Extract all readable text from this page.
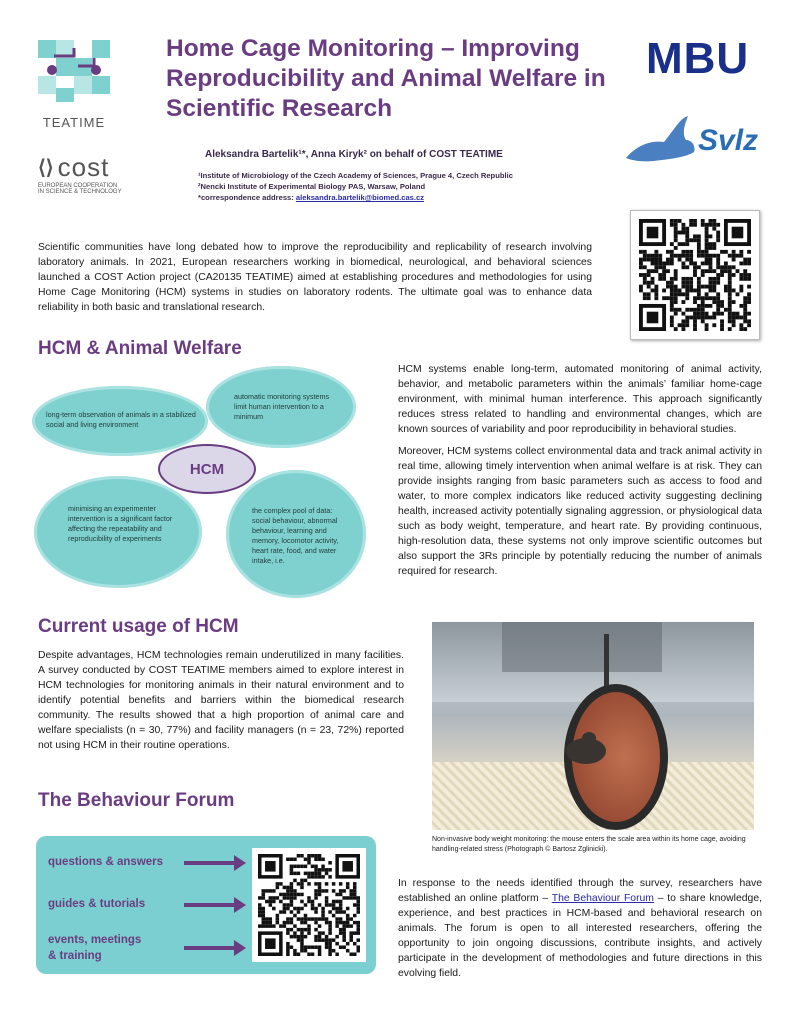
TEATIME
Home Cage Monitoring – Improving Reproducibility and Animal Welfare in Scientific Research
MBU
Svlz
⟨⟩ cost
EUROPEAN COOPERATION
IN SCIENCE & TECHNOLOGY
Aleksandra Bartelik¹*, Anna Kiryk² on behalf of COST TEATIME
¹Institute of Microbiology of the Czech Academy of Sciences, Prague 4, Czech Republic
²Nencki Institute of Experimental Biology PAS, Warsaw, Poland
*correspondence address: aleksandra.bartelik@biomed.cas.cz
Scientific communities have long debated how to improve the reproducibility and replicability of research involving laboratory animals. In 2021, European researchers working in biomedical, neurological, and behavioral sciences launched a COST Action project (CA20135 TEATIME) aimed at establishing procedures and methodologies for using Home Cage Monitoring (HCM) systems in studies on laboratory rodents. The ultimate goal was to enhance data reliability in both basic and translational research.
HCM & Animal Welfare
long-term observation of animals in a stabilized social and living environment
automatic monitoring systems limit human intervention to a minimum
minimising an experimenter intervention is a significant factor affecting the repeatability and reproducibility of experiments
the complex pool of data: social behaviour, abnormal behaviour, learning and memory, locomotor activity, heart rate, food, and water intake, i.e.
HCM

HCM systems enable long-term, automated monitoring of animal activity, behavior, and metabolic parameters within the animals’ familiar home-cage environment, with minimal human interference. This approach significantly reduces stress related to handling and environmental changes, which are known sources of variability and poor reproducibility in behavioral studies.

Moreover, HCM systems collect environmental data and track animal activity in real time, allowing timely intervention when animal welfare is at risk. They can provide insights ranging from basic parameters such as access to food and water, to more complex indicators like reduced activity suggesting declining health, increased activity potentially signaling aggression, or physiological data such as body weight, temperature, and heart rate. By providing continuous, high-resolution data, these systems not only improve scientific outcomes but also support the 3Rs principle by potentially reducing the number of animals required for research.

Current usage of HCM
Despite advantages, HCM technologies remain underutilized in many facilities. A survey conducted by COST TEATIME members aimed to explore interest in HCM technologies for monitoring animals in their natural environment and to identify potential benefits and barriers within the biomedical research community. The results showed that a high proportion of animal care and welfare specialists (n = 30, 77%) and facility managers (n = 23, 72%) reported not using HCM in their routine operations.
Non-invasive body weight monitoring: the mouse enters the scale area within its home cage, avoiding handling-related stress (Photograph © Bartosz Zglinicki).
The Behaviour Forum
questions & answers
guides & tutorials
events, meetings
& training
In response to the needs identified through the survey, researchers have established an online platform – The Behaviour Forum – to share knowledge, experience, and best practices in HCM-based and behavioral research on animals. The forum is open to all interested researchers, offering the opportunity to join ongoing discussions, contribute insights, and actively participate in the development of methodologies and future directions in this evolving field.
